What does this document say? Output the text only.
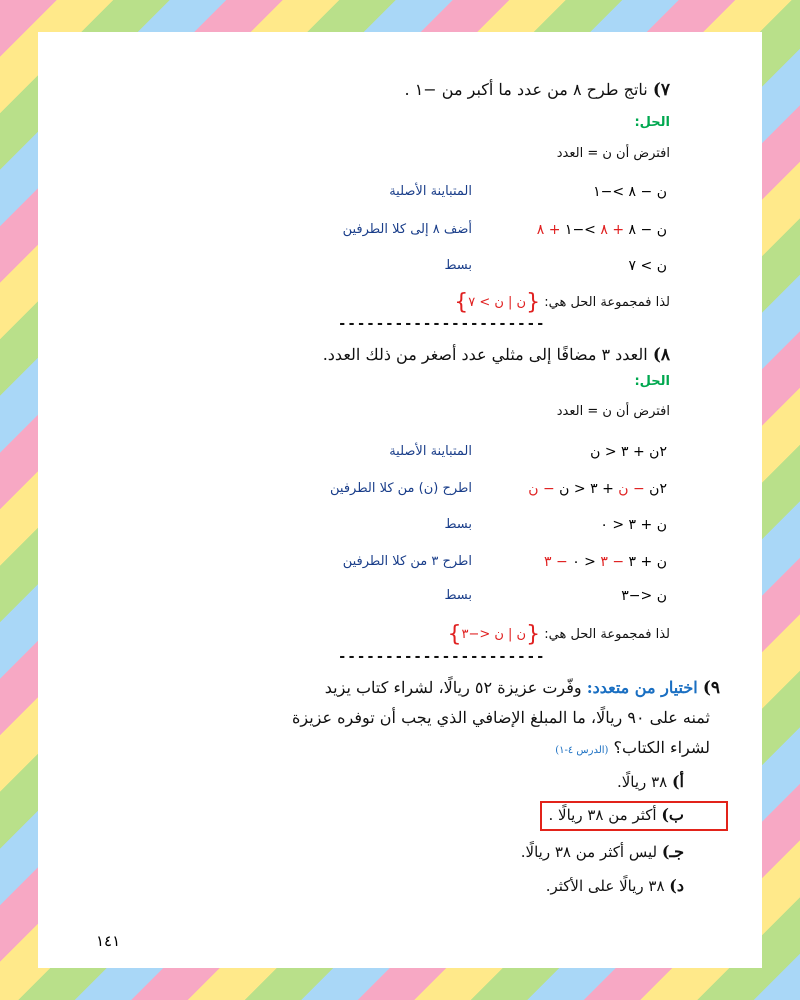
٧) ناتج طرح ٨ من عدد ما أكبر من −١ .
الحل:
افترض أن ن = العدد
ن − ٨ >−١
المتباينة الأصلية
ن − ٨ + ٨ >−١ + ٨
أضف ٨ إلى كلا الطرفين
ن > ٧
بسط
لذا فمجموعة الحل هي: {ن | ن > ٧}
----------------------
٨) العدد ٣ مضافًا إلى مثلي عدد أصغر من ذلك العدد.
الحل:
افترض أن ن = العدد
٢ن + ٣ < ن
المتباينة الأصلية
٢ن − ن + ٣ < ن − ن
اطرح (ن) من كلا الطرفين
ن + ٣ < ٠
بسط
ن + ٣ − ٣ < ٠ − ٣
اطرح ٣ من كلا الطرفين
ن <−٣
بسط
لذا فمجموعة الحل هي: {ن | ن <−٣}
----------------------
٩) اختيار من متعدد: وفّرت عزيزة ٥٢ ريالًا، لشراء كتاب يزيد
ثمنه على ٩٠ ريالًا، ما المبلغ الإضافي الذي يجب أن توفره عزيزة
لشراء الكتاب؟ (الدرس ٤-١)
أ) ٣٨ ريالًا.
ب) أكثر من ٣٨ ريالًا .
جـ) ليس أكثر من ٣٨ ريالًا.
د) ٣٨ ريالًا على الأكثر.
١٤١
